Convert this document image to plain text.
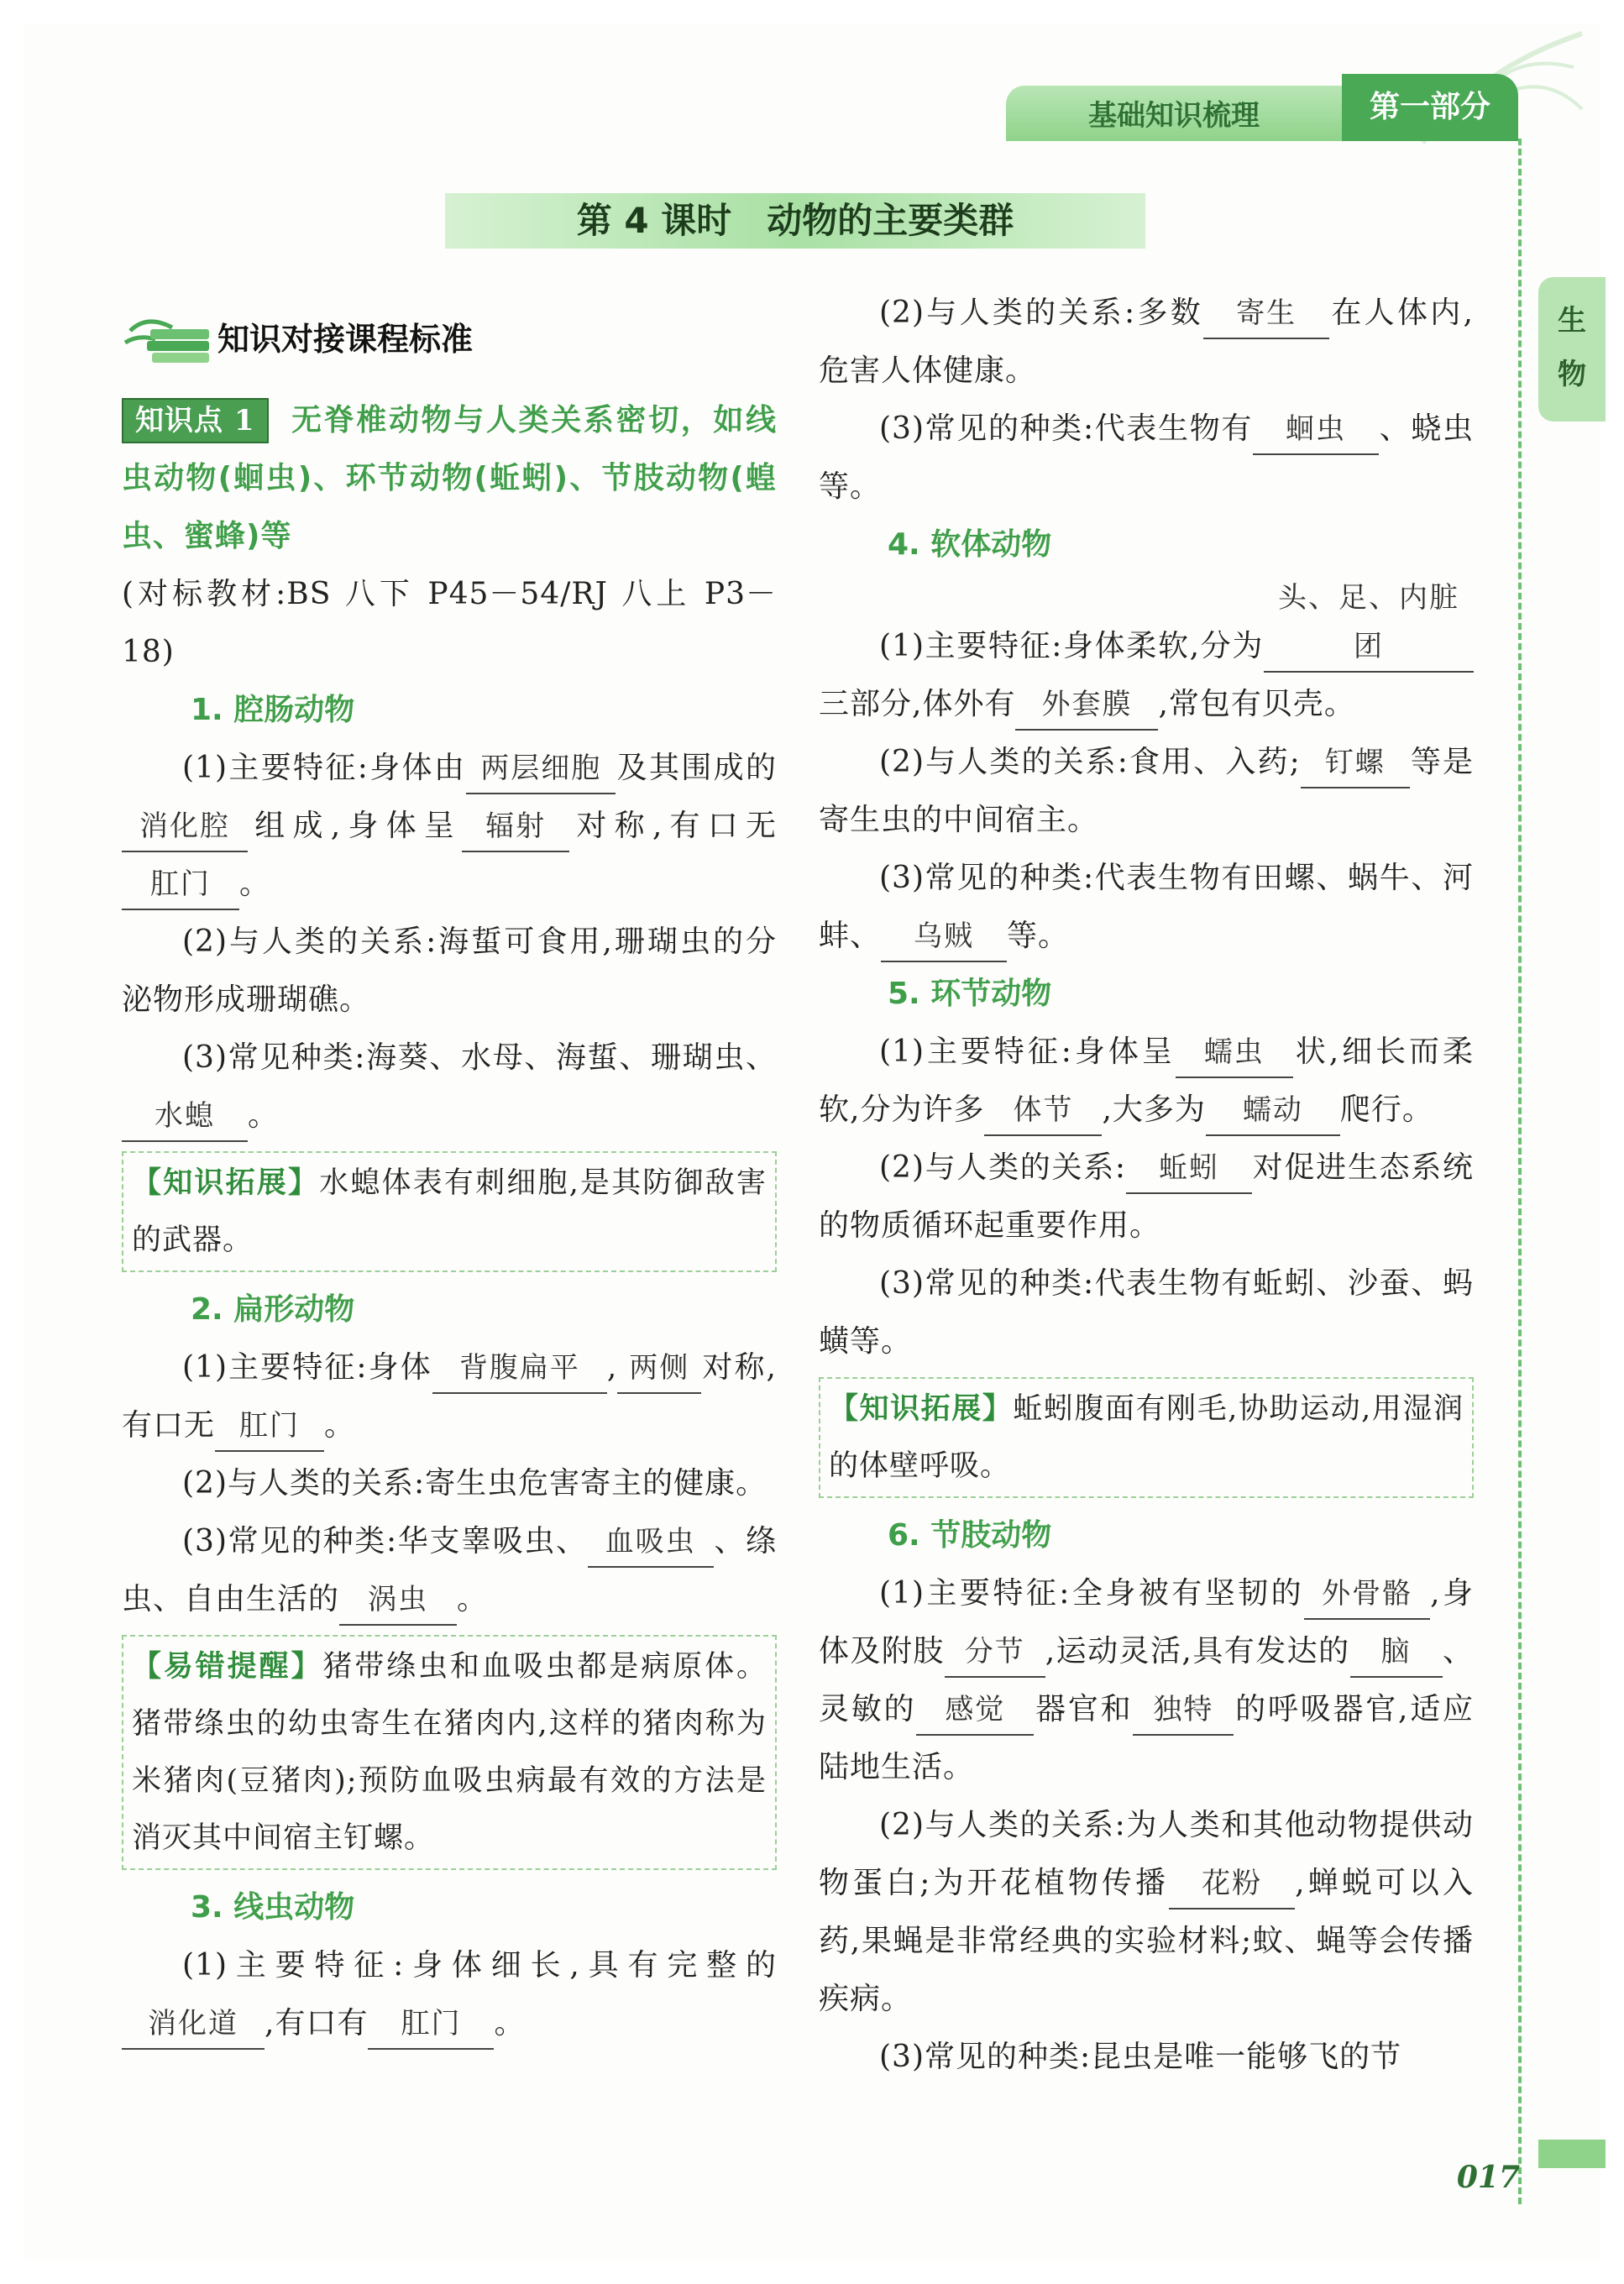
基础知识梳理	第一部分
生
物
第 4 课时　动物的主要类群
知识对接课程标准

知识点 1 无脊椎动物与人类关系密切，如线虫动物(蛔虫)、环节动物(蚯蚓)、节肢动物(蝗虫、蜜蜂)等

(对标教材:BS 八下 P45－54/RJ 八上 P3－18)

1. 腔肠动物

(1)主要特征:身体由 两层细胞 及其围成的消化腔 组成,身体呈 辐射 对称,有口无肛门 。

(2)与人类的关系:海蜇可食用,珊瑚虫的分泌物形成珊瑚礁。

(3)常见种类:海葵、水母、海蜇、珊瑚虫、水螅 。

【知识拓展】水螅体表有刺细胞,是其防御敌害的武器。

2. 扁形动物

(1)主要特征:身体 背腹扁平 , 两侧 对称,有口无 肛门 。

(2)与人类的关系:寄生虫危害寄主的健康。

(3)常见的种类:华支睾吸虫、 血吸虫 、绦虫、自由生活的 涡虫 。

【易错提醒】猪带绦虫和血吸虫都是病原体。猪带绦虫的幼虫寄生在猪肉内,这样的猪肉称为米猪肉(豆猪肉);预防血吸虫病最有效的方法是消灭其中间宿主钉螺。

3. 线虫动物

(1)主要特征:身体细长,具有完整的消化道 ,有口有 肛门 。

(2)与人类的关系:多数 寄生 在人体内,危害人体健康。

(3)常见的种类:代表生物有 蛔虫 、蛲虫等。

4. 软体动物

(1)主要特征:身体柔软,分为头、足、内脏团三部分,体外有 外套膜 ,常包有贝壳。

(2)与人类的关系:食用、入药; 钉螺 等是寄生虫的中间宿主。

(3)常见的种类:代表生物有田螺、蜗牛、河蚌、 乌贼 等。

5. 环节动物

(1)主要特征:身体呈 蠕虫 状,细长而柔软,分为许多 体节 ,大多为 蠕动 爬行。

(2)与人类的关系: 蚯蚓 对促进生态系统的物质循环起重要作用。

(3)常见的种类:代表生物有蚯蚓、沙蚕、蚂蟥等。

【知识拓展】蚯蚓腹面有刚毛,协助运动,用湿润的体壁呼吸。

6. 节肢动物

(1)主要特征:全身被有坚韧的 外骨骼 ,身体及附肢 分节 ,运动灵活,具有发达的 脑 、灵敏的 感觉 器官和 独特 的呼吸器官,适应陆地生活。

(2)与人类的关系:为人类和其他动物提供动物蛋白;为开花植物传播 花粉 ,蝉蜕可以入药,果蝇是非常经典的实验材料;蚊、蝇等会传播疾病。

(3)常见的种类:昆虫是唯一能够飞的节

017
